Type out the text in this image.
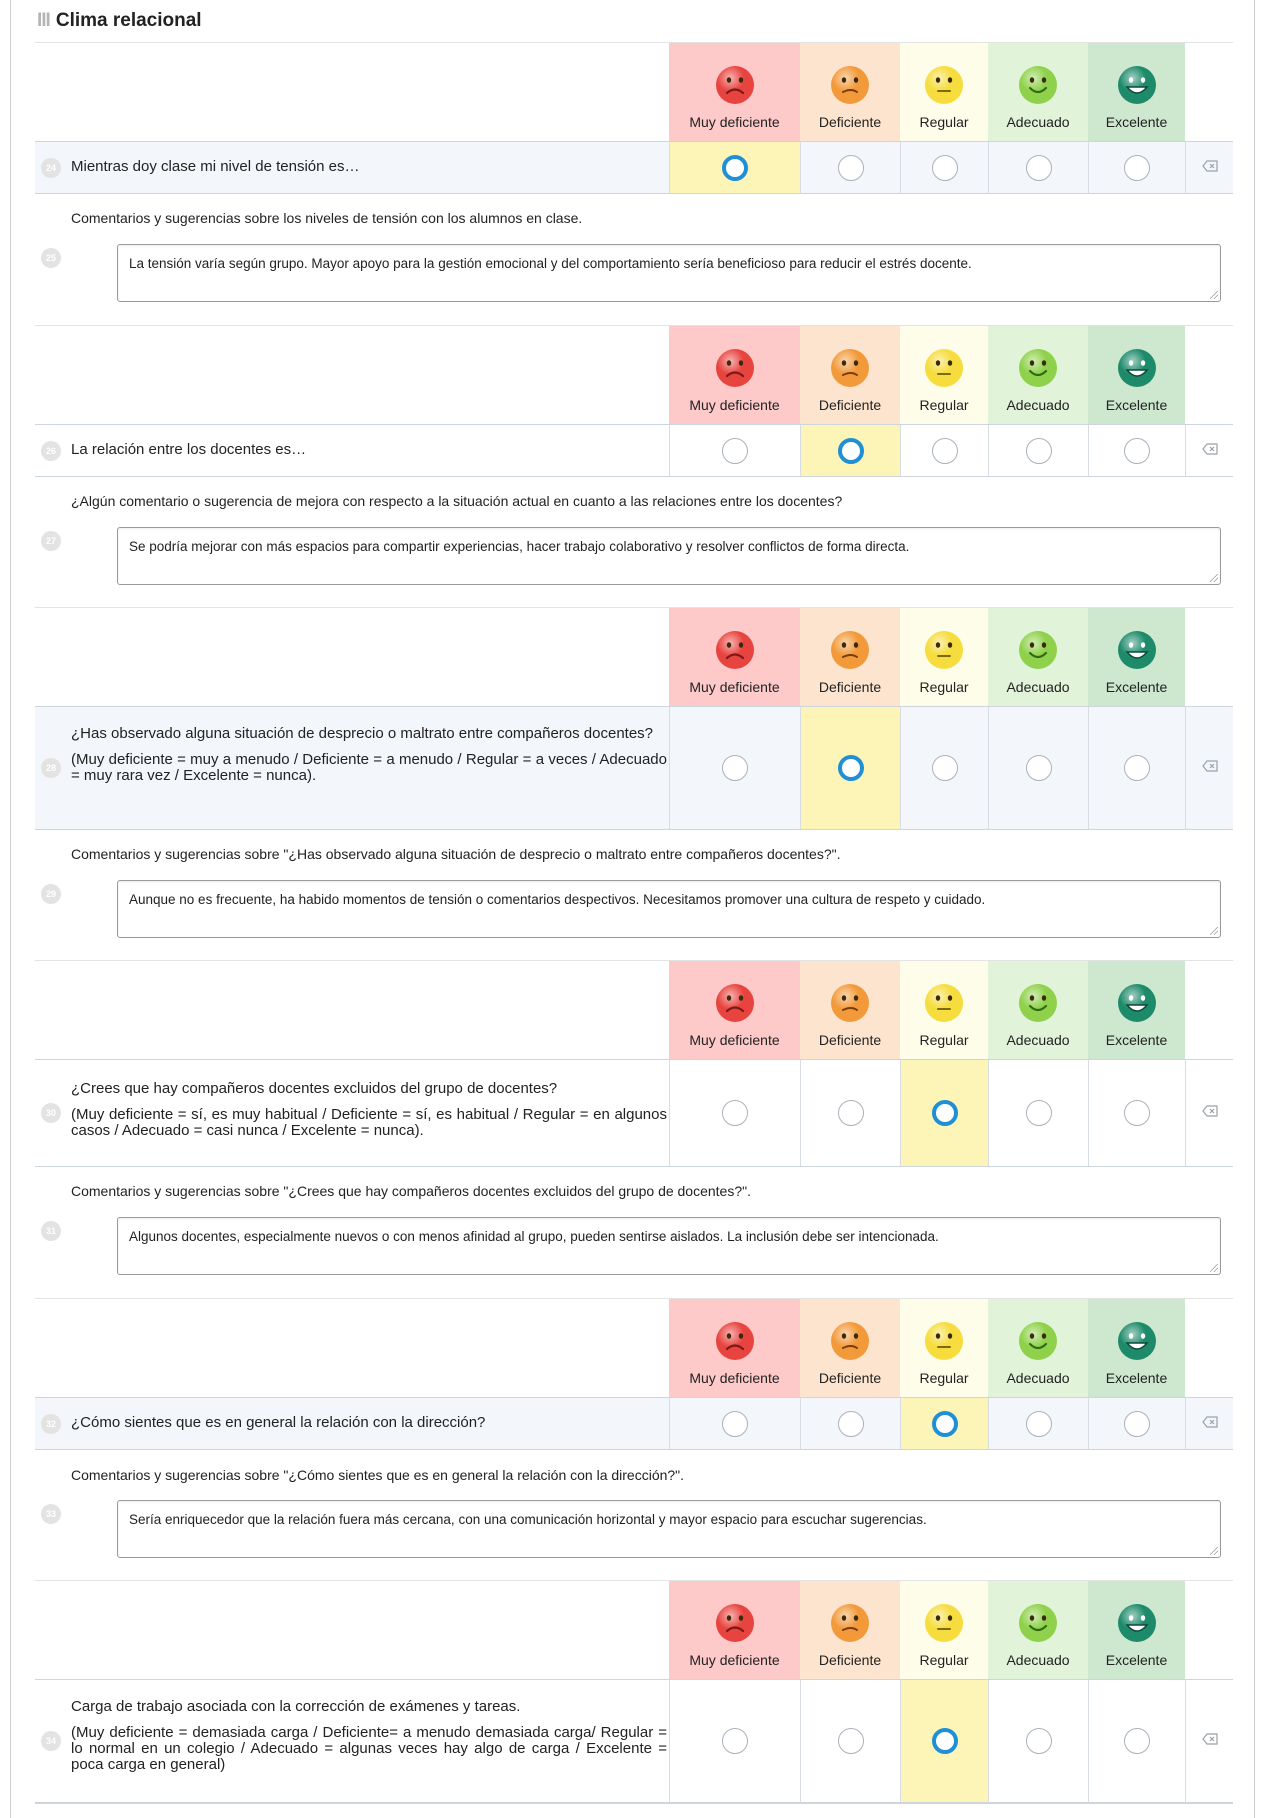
III Clima relacional
Muy deficiente	Deficiente	Regular	Adecuado	Excelente
24	Mientras doy clase mi nivel de tensión es…
Comentarios y sugerencias sobre los niveles de tensión con los alumnos en clase.
25	La tensión varía según grupo. Mayor apoyo para la gestión emocional y del comportamiento sería beneficioso para reducir el estrés docente.
Muy deficiente	Deficiente	Regular	Adecuado	Excelente
26	La relación entre los docentes es…
¿Algún comentario o sugerencia de mejora con respecto a la situación actual en cuanto a las relaciones entre los docentes?
27	Se podría mejorar con más espacios para compartir experiencias, hacer trabajo colaborativo y resolver conflictos de forma directa.
Muy deficiente	Deficiente	Regular	Adecuado	Excelente
28
¿Has observado alguna situación de desprecio o maltrato entre compañeros docentes?
(Muy deficiente = muy a menudo / Deficiente = a menudo / Regular = a veces / Adecuado = muy rara vez / Excelente = nunca).
Comentarios y sugerencias sobre "¿Has observado alguna situación de desprecio o maltrato entre compañeros docentes?".
29	Aunque no es frecuente, ha habido momentos de tensión o comentarios despectivos. Necesitamos promover una cultura de respeto y cuidado.
Muy deficiente	Deficiente	Regular	Adecuado	Excelente
30
¿Crees que hay compañeros docentes excluidos del grupo de docentes?
(Muy deficiente = sí, es muy habitual / Deficiente = sí, es habitual / Regular = en algunos casos / Adecuado = casi nunca / Excelente = nunca).
Comentarios y sugerencias sobre "¿Crees que hay compañeros docentes excluidos del grupo de docentes?".
31	Algunos docentes, especialmente nuevos o con menos afinidad al grupo, pueden sentirse aislados. La inclusión debe ser intencionada.
Muy deficiente	Deficiente	Regular	Adecuado	Excelente
32	¿Cómo sientes que es en general la relación con la dirección?
Comentarios y sugerencias sobre "¿Cómo sientes que es en general la relación con la dirección?".
33	Sería enriquecedor que la relación fuera más cercana, con una comunicación horizontal y mayor espacio para escuchar sugerencias.
Muy deficiente	Deficiente	Regular	Adecuado	Excelente
34
Carga de trabajo asociada con la corrección de exámenes y tareas.
(Muy deficiente = demasiada carga / Deficiente= a menudo demasiada carga/ Regular = lo normal en un colegio / Adecuado = algunas veces hay algo de carga / Excelente = poca carga en general)
